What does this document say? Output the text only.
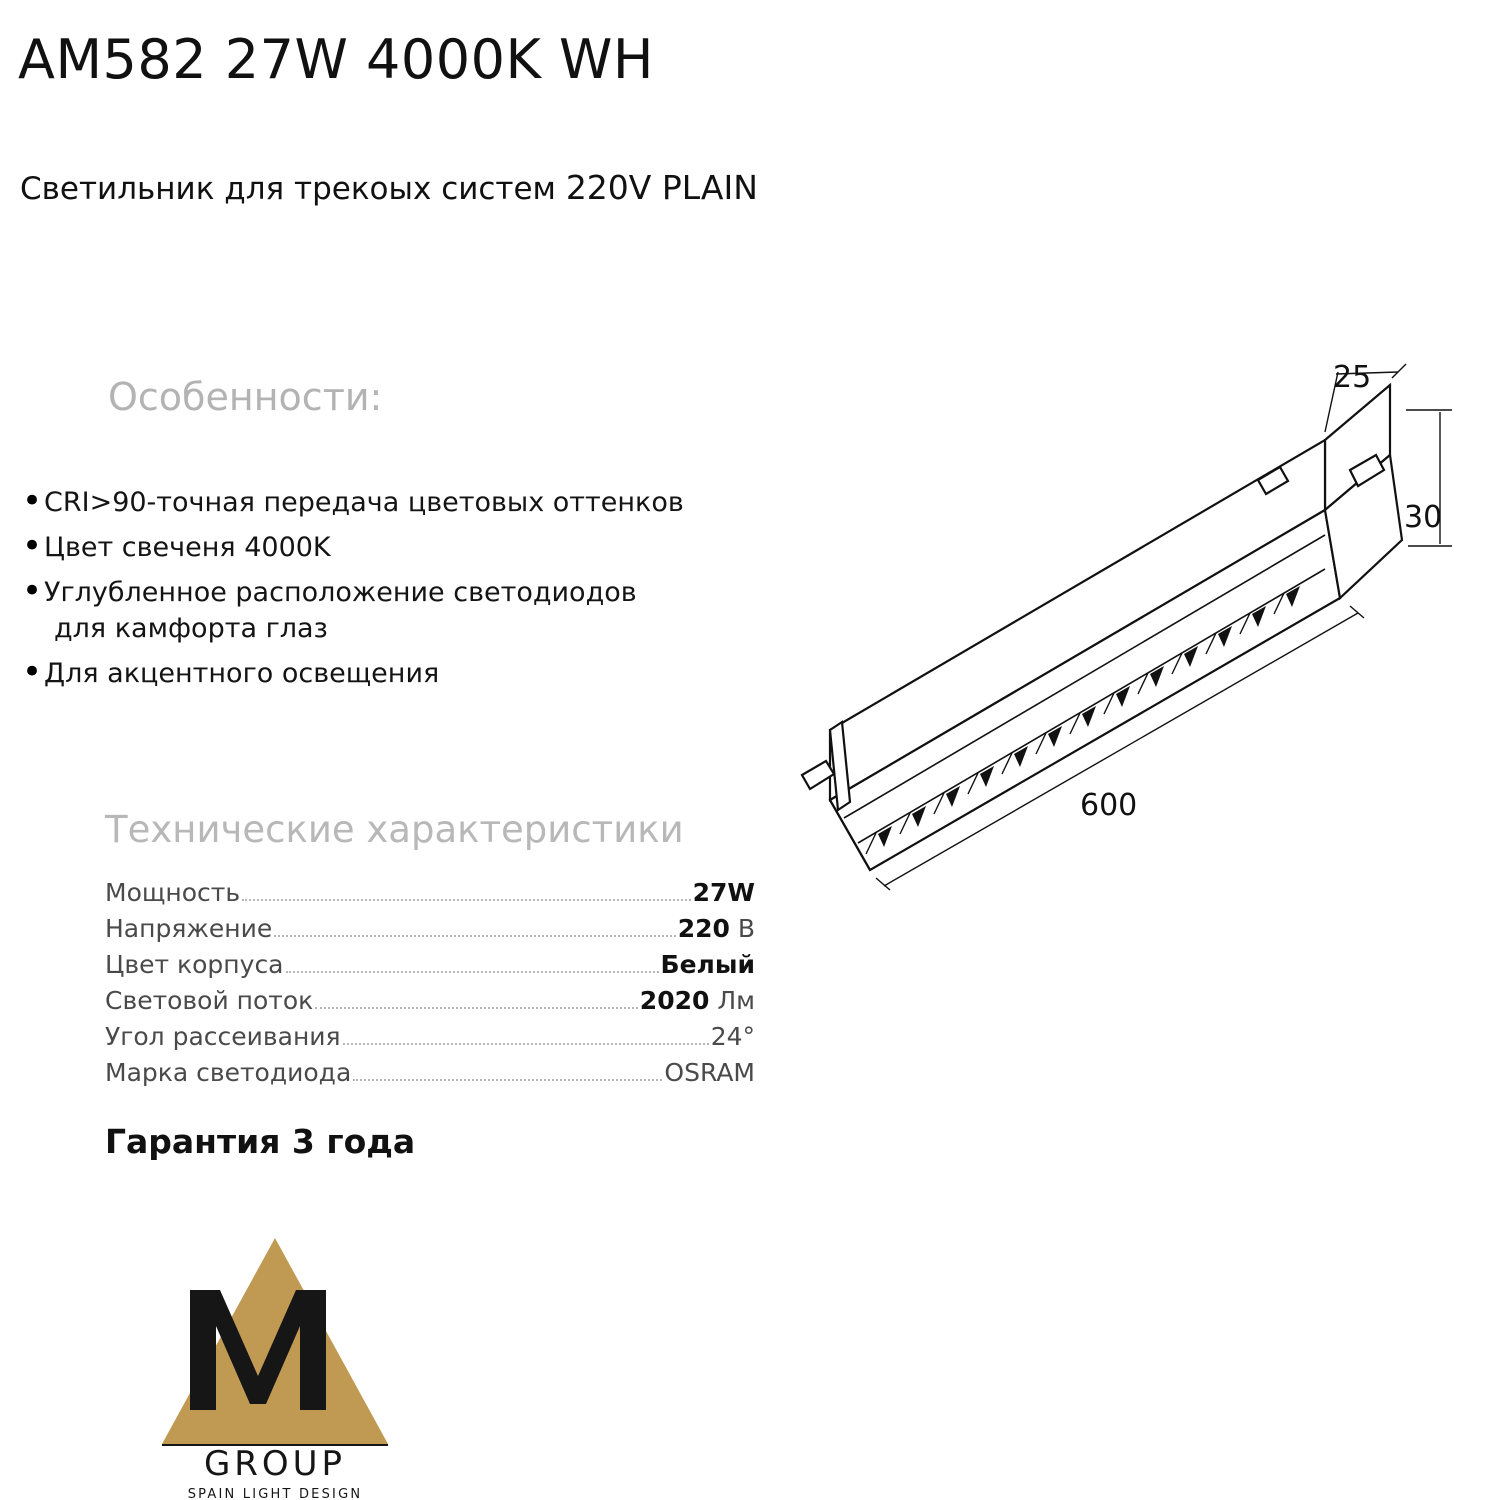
AM582 27W 4000K WH
Светильник для трекоых систем 220V PLAIN
Особенности:
• CRI>90-точная передача цветовых оттенков
• Цвет свеченя 4000K
• Углубленное расположение светодиодов
для камфорта глаз
• Для акцентного освещения
Технические характеристики
Мощность	27W
Напряжение	220 В
Цвет корпуса	Белый
Световой поток	2020 Лм
Угол рассеивания	24°
Марка светодиода	OSRAM
Гарантия 3 года
25
30
600
GROUP
SPAIN LIGHT DESIGN
